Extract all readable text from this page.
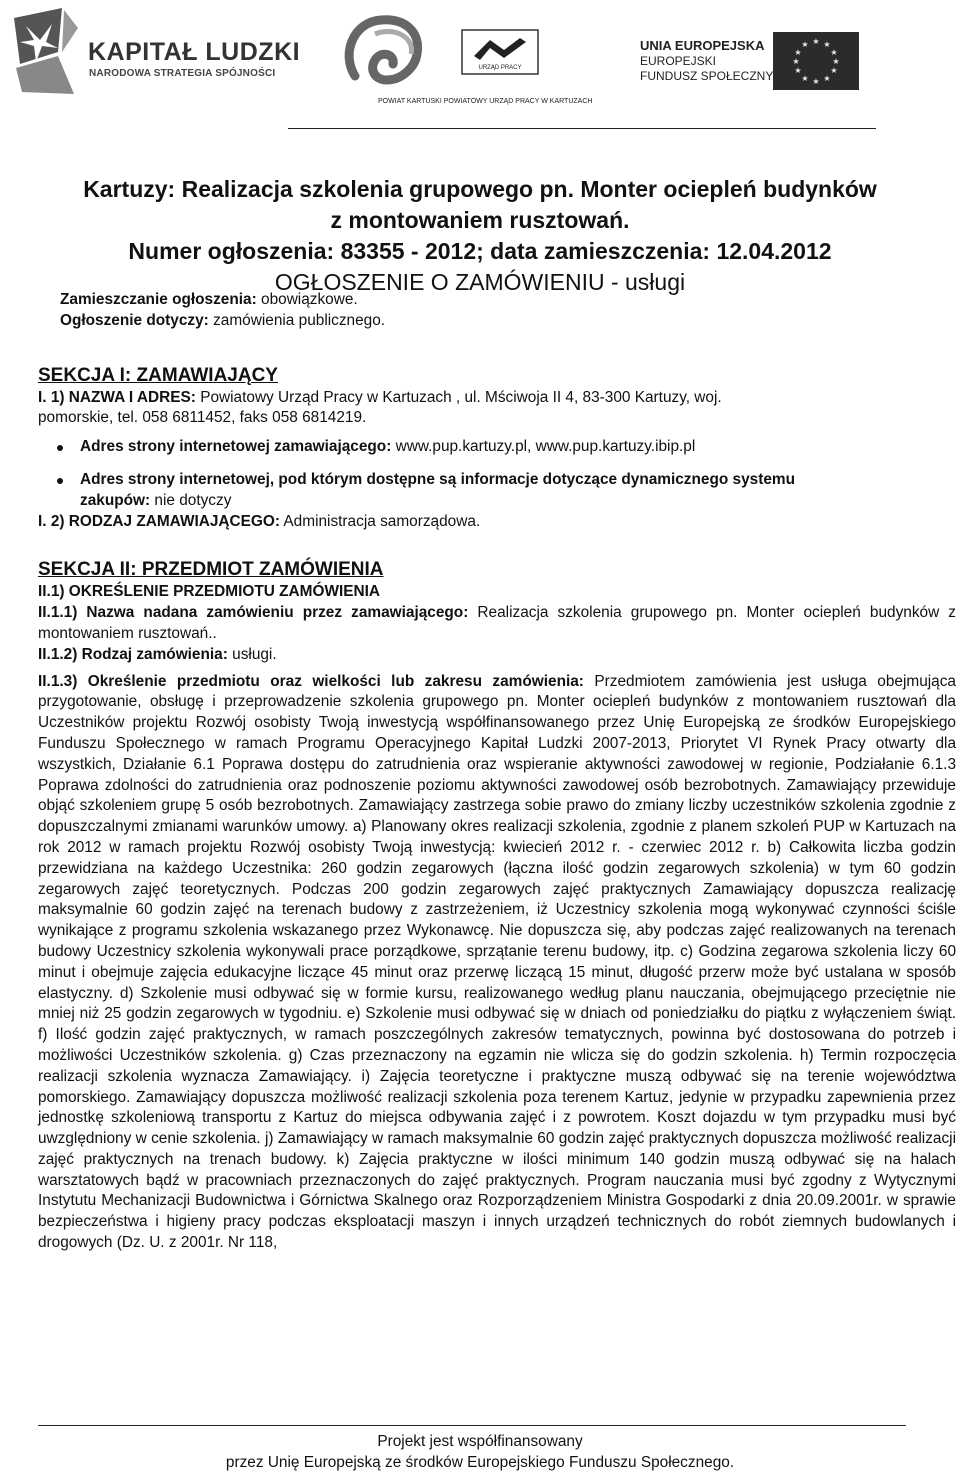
KAPITAŁ LUDZKI
NARODOWA STRATEGIA SPÓJNOŚCI	URZĄD PRACY
POWIAT KARTUSKI POWIATOWY URZĄD PRACY W KARTUZACH
UNIA EUROPEJSKA
EUROPEJSKI
FUNDUSZ SPOŁECZNY
★ ★
★
★
★
★
★
★
★
★
★
★
Kartuzy: Realizacja szkolenia grupowego pn. Monter ociepleń budynków
z montowaniem rusztowań.
Numer ogłoszenia: 83355 - 2012; data zamieszczenia: 12.04.2012
OGŁOSZENIE O ZAMÓWIENIU - usługi

Zamieszczanie ogłoszenia: obowiązkowe.

Ogłoszenie dotyczy: zamówienia publicznego.

SEKCJA I: ZAMAWIAJĄCY

I. 1) NAZWA I ADRES: Powiatowy Urząd Pracy w Kartuzach , ul. Mściwoja II 4, 83-300 Kartuzy, woj.

pomorskie, tel. 058 6811452, faks 058 6814219.

Adres strony internetowej zamawiającego: www.pup.kartuzy.pl, www.pup.kartuzy.ibip.pl
Adres strony internetowej, pod którym dostępne są informacje dotyczące dynamicznego systemu
zakupów: nie dotyczy

I. 2) RODZAJ ZAMAWIAJĄCEGO: Administracja samorządowa.

SEKCJA II: PRZEDMIOT ZAMÓWIENIA

II.1) OKREŚLENIE PRZEDMIOTU ZAMÓWIENIA

II.1.1) Nazwa nadana zamówieniu przez zamawiającego: Realizacja szkolenia grupowego pn. Monter ociepleń budynków z montowaniem rusztowań..

II.1.2) Rodzaj zamówienia: usługi.

II.1.3) Określenie przedmiotu oraz wielkości lub zakresu zamówienia: Przedmiotem zamówienia jest usługa obejmująca przygotowanie, obsługę i przeprowadzenie szkolenia grupowego pn. Monter ociepleń budynków z montowaniem rusztowań dla Uczestników projektu Rozwój osobisty Twoją inwestycją współfinansowanego przez Unię Europejską ze środków Europejskiego Funduszu Społecznego w ramach Programu Operacyjnego Kapitał Ludzki 2007-2013, Priorytet VI Rynek Pracy otwarty dla wszystkich, Działanie 6.1 Poprawa dostępu do zatrudnienia oraz wspieranie aktywności zawodowej w regionie, Podziałanie 6.1.3 Poprawa zdolności do zatrudnienia oraz podnoszenie poziomu aktywności zawodowej osób bezrobotnych. Zamawiający przewiduje objąć szkoleniem grupę 5 osób bezrobotnych. Zamawiający zastrzega sobie prawo do zmiany liczby uczestników szkolenia zgodnie z dopuszczalnymi zmianami warunków umowy. a) Planowany okres realizacji szkolenia, zgodnie z planem szkoleń PUP w Kartuzach na rok 2012 w ramach projektu Rozwój osobisty Twoją inwestycją: kwiecień 2012 r. - czerwiec 2012 r. b) Całkowita liczba godzin przewidziana na każdego Uczestnika: 260 godzin zegarowych (łączna ilość godzin zegarowych szkolenia) w tym 60 godzin zegarowych zajęć teoretycznych. Podczas 200 godzin zegarowych zajęć praktycznych Zamawiający dopuszcza realizację maksymalnie 60 godzin zajęć na terenach budowy z zastrzeżeniem, iż Uczestnicy szkolenia mogą wykonywać czynności ściśle wynikające z programu szkolenia wskazanego przez Wykonawcę. Nie dopuszcza się, aby podczas zajęć realizowanych na terenach budowy Uczestnicy szkolenia wykonywali prace porządkowe, sprzątanie terenu budowy, itp. c) Godzina zegarowa szkolenia liczy 60 minut i obejmuje zajęcia edukacyjne liczące 45 minut oraz przerwę liczącą 15 minut, długość przerw może być ustalana w sposób elastyczny. d) Szkolenie musi odbywać się w formie kursu, realizowanego według planu nauczania, obejmującego przeciętnie nie mniej niż 25 godzin zegarowych w tygodniu. e) Szkolenie musi odbywać się w dniach od poniedziałku do piątku z wyłączeniem świąt. f) Ilość godzin zajęć praktycznych, w ramach poszczególnych zakresów tematycznych, powinna być dostosowana do potrzeb i możliwości Uczestników szkolenia. g) Czas przeznaczony na egzamin nie wlicza się do godzin szkolenia. h) Termin rozpoczęcia realizacji szkolenia wyznacza Zamawiający. i) Zajęcia teoretyczne i praktyczne muszą odbywać się na terenie województwa pomorskiego. Zamawiający dopuszcza możliwość realizacji szkolenia poza terenem Kartuz, jedynie w przypadku zapewnienia przez jednostkę szkoleniową transportu z Kartuz do miejsca odbywania zajęć i z powrotem. Koszt dojazdu w tym przypadku musi być uwzględniony w cenie szkolenia. j) Zamawiający w ramach maksymalnie 60 godzin zajęć praktycznych dopuszcza możliwość realizacji zajęć praktycznych na trenach budowy. k) Zajęcia praktyczne w ilości minimum 140 godzin muszą odbywać się na halach warsztatowych bądź w pracowniach przeznaczonych do zajęć praktycznych. Program nauczania musi być zgodny z Wytycznymi Instytutu Mechanizacji Budownictwa i Górnictwa Skalnego oraz Rozporządzeniem Ministra Gospodarki z dnia 20.09.2001r. w sprawie bezpieczeństwa i higieny pracy podczas eksploatacji maszyn i innych urządzeń technicznych do robót ziemnych budowlanych i drogowych (Dz. U. z 2001r. Nr 118,

Projekt jest współfinansowany
przez Unię Europejską ze środków Europejskiego Funduszu Społecznego.
